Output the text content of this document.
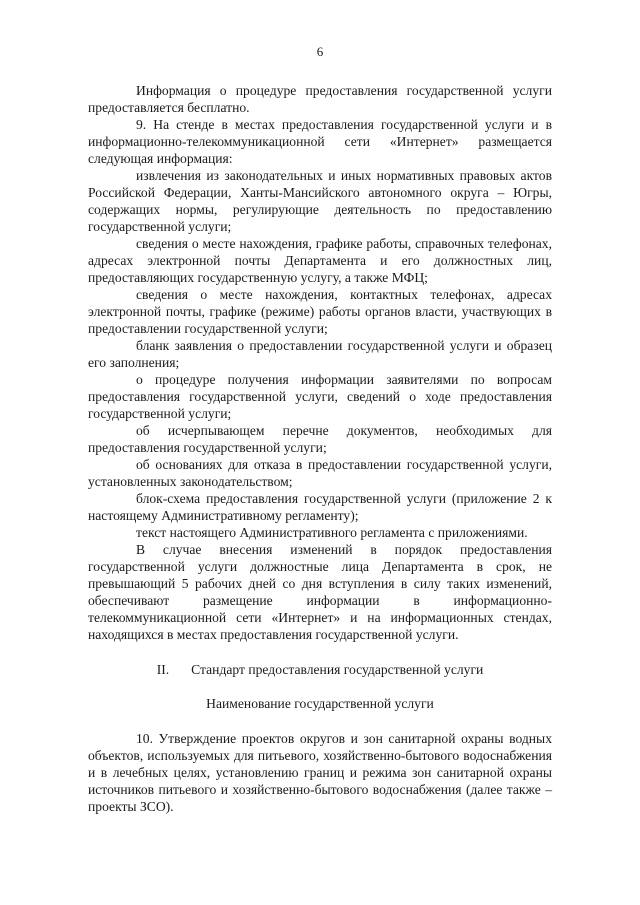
6

Информация о процедуре предоставления государственной услуги предоставляется бесплатно.

9. На стенде в местах предоставления государственной услуги и в информационно-телекоммуникационной сети «Интернет» размещается следующая информация:

извлечения из законодательных и иных нормативных правовых актов Российской Федерации, Ханты-Мансийского автономного округа – Югры, содержащих нормы, регулирующие деятельность по предоставлению государственной услуги;

сведения о месте нахождения, графике работы, справочных телефонах, адресах электронной почты Департамента и его должностных лиц, предоставляющих государственную услугу, а также МФЦ;

сведения о месте нахождения, контактных телефонах, адресах электронной почты, графике (режиме) работы органов власти, участвующих в предоставлении государственной услуги;

бланк заявления о предоставлении государственной услуги и образец его заполнения;

о процедуре получения информации заявителями по вопросам предоставления государственной услуги, сведений о ходе предоставления государственной услуги;

об исчерпывающем перечне документов, необходимых для предоставления государственной услуги;

об основаниях для отказа в предоставлении государственной услуги, установленных законодательством;

блок-схема предоставления государственной услуги (приложение 2 к настоящему Административному регламенту);

текст настоящего Административного регламента с приложениями.

В случае внесения изменений в порядок предоставления государственной услуги должностные лица Департамента в срок, не превышающий 5 рабочих дней со дня вступления в силу таких изменений, обеспечивают размещение информации в информационно-телекоммуникационной сети «Интернет» и на информационных стендах, находящихся в местах предоставления государственной услуги.

II. Стандарт предоставления государственной услуги

Наименование государственной услуги

10. Утверждение проектов округов и зон санитарной охраны водных объектов, используемых для питьевого, хозяйственно-бытового водоснабжения и в лечебных целях, установлению границ и режима зон санитарной охраны источников питьевого и хозяйственно-бытового водоснабжения (далее также – проекты ЗСО).
